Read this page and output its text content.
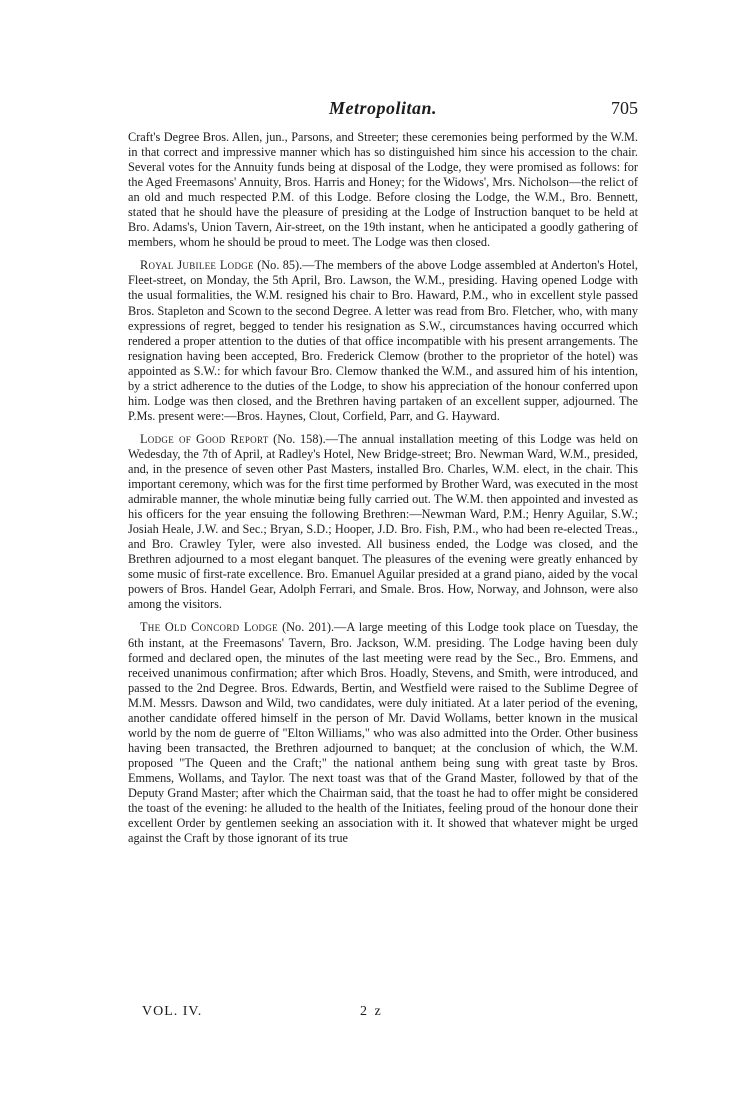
Metropolitan.	705

Craft's Degree Bros. Allen, jun., Parsons, and Streeter; these ceremonies being performed by the W.M. in that correct and impressive manner which has so distinguished him since his accession to the chair. Several votes for the Annuity funds being at disposal of the Lodge, they were promised as follows: for the Aged Freemasons' Annuity, Bros. Harris and Honey; for the Widows', Mrs. Nicholson—the relict of an old and much respected P.M. of this Lodge. Before closing the Lodge, the W.M., Bro. Bennett, stated that he should have the pleasure of presiding at the Lodge of Instruction banquet to be held at Bro. Adams's, Union Tavern, Air-street, on the 19th instant, when he anticipated a goodly gathering of members, whom he should be proud to meet. The Lodge was then closed.

Royal Jubilee Lodge (No. 85).—The members of the above Lodge assembled at Anderton's Hotel, Fleet-street, on Monday, the 5th April, Bro. Lawson, the W.M., presiding. Having opened Lodge with the usual formalities, the W.M. resigned his chair to Bro. Haward, P.M., who in excellent style passed Bros. Stapleton and Scown to the second Degree. A letter was read from Bro. Fletcher, who, with many expressions of regret, begged to tender his resignation as S.W., circumstances having occurred which rendered a proper attention to the duties of that office incompatible with his present arrangements. The resignation having been accepted, Bro. Frederick Clemow (brother to the proprietor of the hotel) was appointed as S.W.: for which favour Bro. Clemow thanked the W.M., and assured him of his intention, by a strict adherence to the duties of the Lodge, to show his appreciation of the honour conferred upon him. Lodge was then closed, and the Brethren having partaken of an excellent supper, adjourned. The P.Ms. present were:—Bros. Haynes, Clout, Corfield, Parr, and G. Hayward.

Lodge of Good Report (No. 158).—The annual installation meeting of this Lodge was held on Wedesday, the 7th of April, at Radley's Hotel, New Bridge-street; Bro. Newman Ward, W.M., presided, and, in the presence of seven other Past Masters, installed Bro. Charles, W.M. elect, in the chair. This important ceremony, which was for the first time performed by Brother Ward, was executed in the most admirable manner, the whole minutiæ being fully carried out. The W.M. then appointed and invested as his officers for the year ensuing the following Brethren:—Newman Ward, P.M.; Henry Aguilar, S.W.; Josiah Heale, J.W. and Sec.; Bryan, S.D.; Hooper, J.D. Bro. Fish, P.M., who had been re-elected Treas., and Bro. Crawley Tyler, were also invested. All business ended, the Lodge was closed, and the Brethren adjourned to a most elegant banquet. The pleasures of the evening were greatly enhanced by some music of first-rate excellence. Bro. Emanuel Aguilar presided at a grand piano, aided by the vocal powers of Bros. Handel Gear, Adolph Ferrari, and Smale. Bros. How, Norway, and Johnson, were also among the visitors.

The Old Concord Lodge (No. 201).—A large meeting of this Lodge took place on Tuesday, the 6th instant, at the Freemasons' Tavern, Bro. Jackson, W.M. presiding. The Lodge having been duly formed and declared open, the minutes of the last meeting were read by the Sec., Bro. Emmens, and received unanimous confirmation; after which Bros. Hoadly, Stevens, and Smith, were introduced, and passed to the 2nd Degree. Bros. Edwards, Bertin, and Westfield were raised to the Sublime Degree of M.M. Messrs. Dawson and Wild, two candidates, were duly initiated. At a later period of the evening, another candidate offered himself in the person of Mr. David Wollams, better known in the musical world by the nom de guerre of "Elton Williams," who was also admitted into the Order. Other business having been transacted, the Brethren adjourned to banquet; at the conclusion of which, the W.M. proposed "The Queen and the Craft;" the national anthem being sung with great taste by Bros. Emmens, Wollams, and Taylor. The next toast was that of the Grand Master, followed by that of the Deputy Grand Master; after which the Chairman said, that the toast he had to offer might be considered the toast of the evening: he alluded to the health of the Initiates, feeling proud of the honour done their excellent Order by gentlemen seeking an association with it. It showed that whatever might be urged against the Craft by those ignorant of its true

VOL. IV.	2 z
